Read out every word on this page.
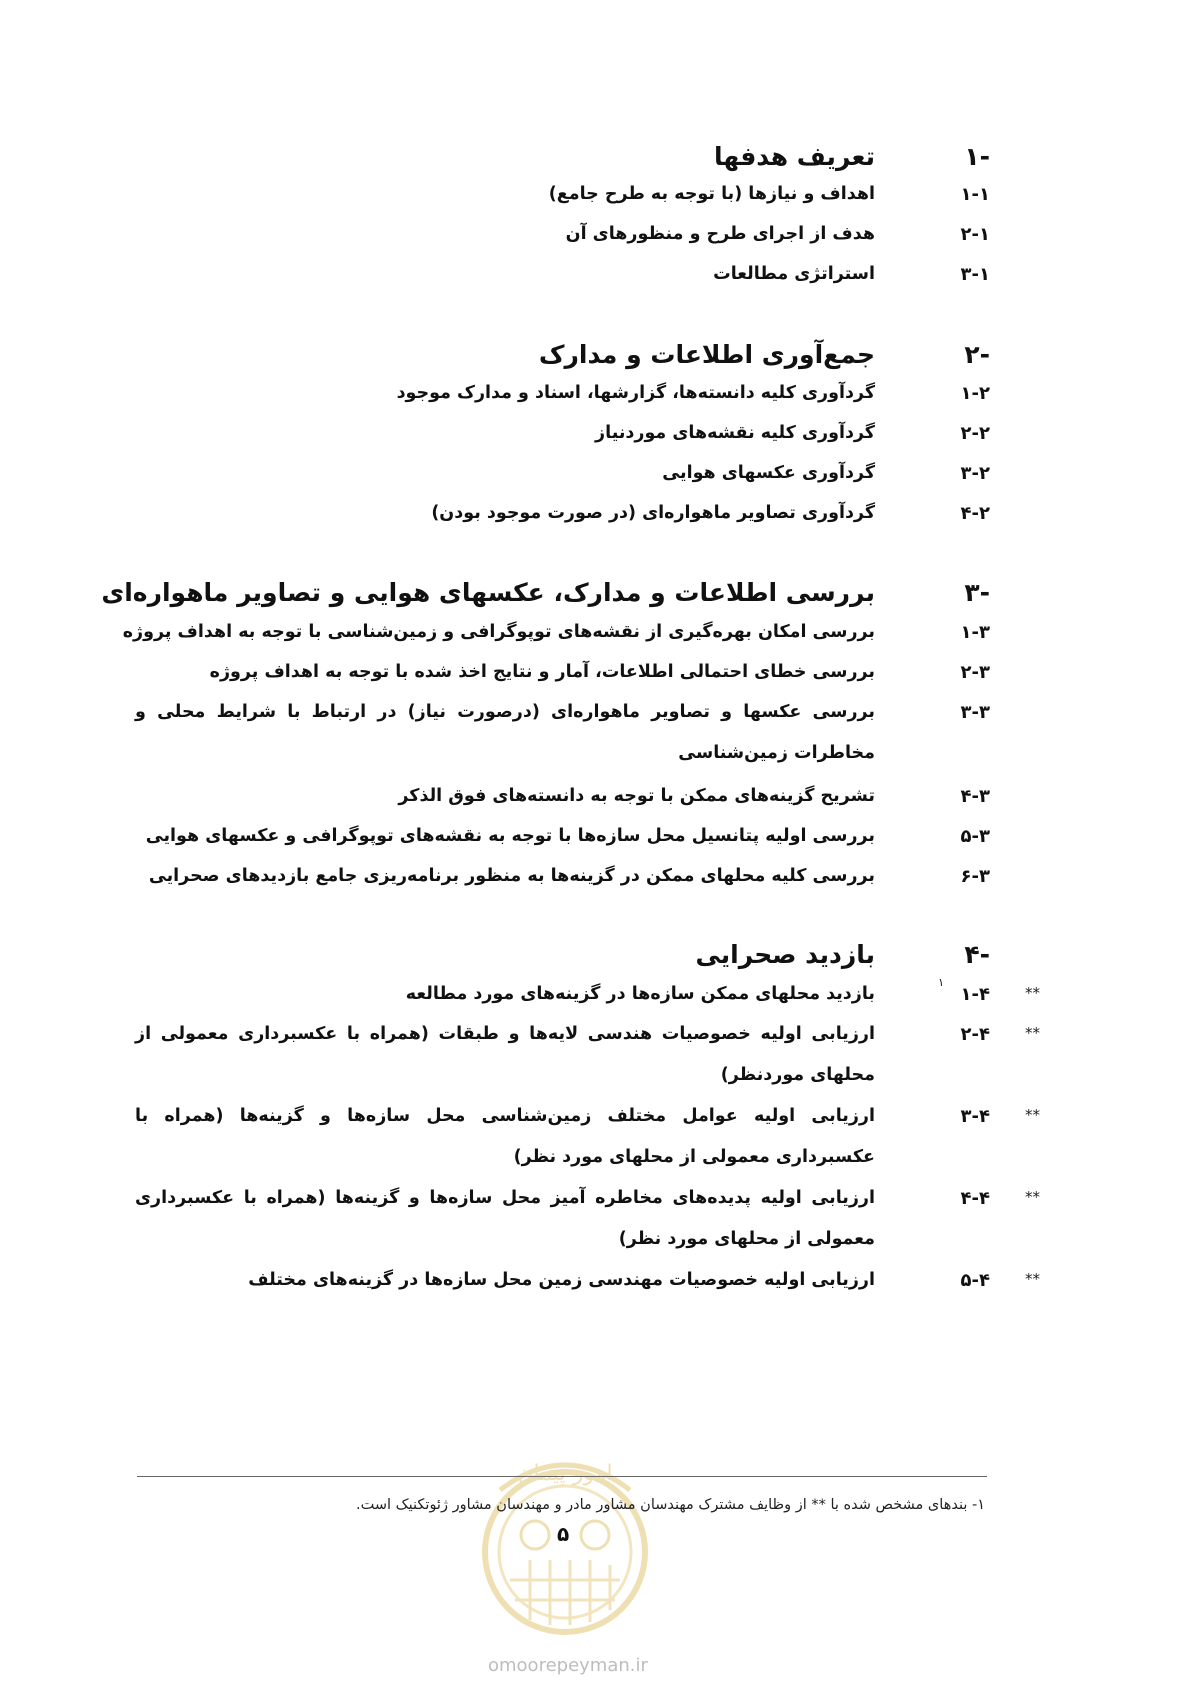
-۱
تعریف هدفها
۱-۱
اهداف و نیازها (با توجه به طرح جامع)
۲-۱
هدف از اجرای طرح و منظورهای آن
۳-۱
استراتژی مطالعات
-۲
جمع‌آوری اطلاعات و مدارک
۱-۲
گردآوری کلیه دانسته‌ها، گزارشها، اسناد و مدارک موجود
۲-۲
گردآوری کلیه نقشه‌های موردنیاز
۳-۲
گردآوری عکسهای هوایی
۴-۲
گردآوری تصاویر ماهواره‌ای (در صورت موجود بودن)
-۳
بررسی اطلاعات و مدارک، عکسهای هوایی و تصاویر ماهواره‌ای
۱-۳
بررسی امکان بهره‌گیری از نقشه‌های توپوگرافی و زمین‌شناسی با توجه به اهداف پروژه
۲-۳
بررسی خطای احتمالی اطلاعات، آمار و نتایج اخذ شده با توجه به اهداف پروژه
۳-۳
بررسی عکسها و تصاویر ماهواره‌ای (درصورت نیاز) در ارتباط با شرایط محلی و مخاطرات زمین‌شناسی
۴-۳
تشریح گزینه‌های ممکن با توجه به دانسته‌های فوق الذکر
۵-۳
بررسی اولیه پتانسیل محل سازه‌ها با توجه به نقشه‌های توپوگرافی و عکسهای هوایی
۶-۳
بررسی کلیه محلهای ممکن در گزینه‌ها به منظور برنامه‌ریزی جامع بازدیدهای صحرایی
-۴
بازدید صحرایی
**
۱
۱-۴
بازدید محلهای ممکن سازه‌ها در گزینه‌های مورد مطالعه
**
۲-۴
ارزیابی اولیه خصوصیات هندسی لایه‌ها و طبقات (همراه با عکسبرداری معمولی از محلهای موردنظر)
**
۳-۴
ارزیابی اولیه عوامل مختلف زمین‌شناسی محل سازه‌ها و گزینه‌ها (همراه با عکسبرداری معمولی از محلهای مورد نظر)
**
۴-۴
ارزیابی اولیه پدیده‌های مخاطره آمیز محل سازه‌ها و گزینه‌ها (همراه با عکسبرداری معمولی از محلهای مورد نظر)
**
۵-۴
ارزیابی اولیه خصوصیات مهندسی زمین محل سازه‌ها در گزینه‌های مختلف
امور پیمان
۱- بندهای مشخص شده با ** از وظایف مشترک مهندسان مشاور مادر و مهندسان مشاور ژئوتکنیک است.
۵
omoorepeyman.ir
